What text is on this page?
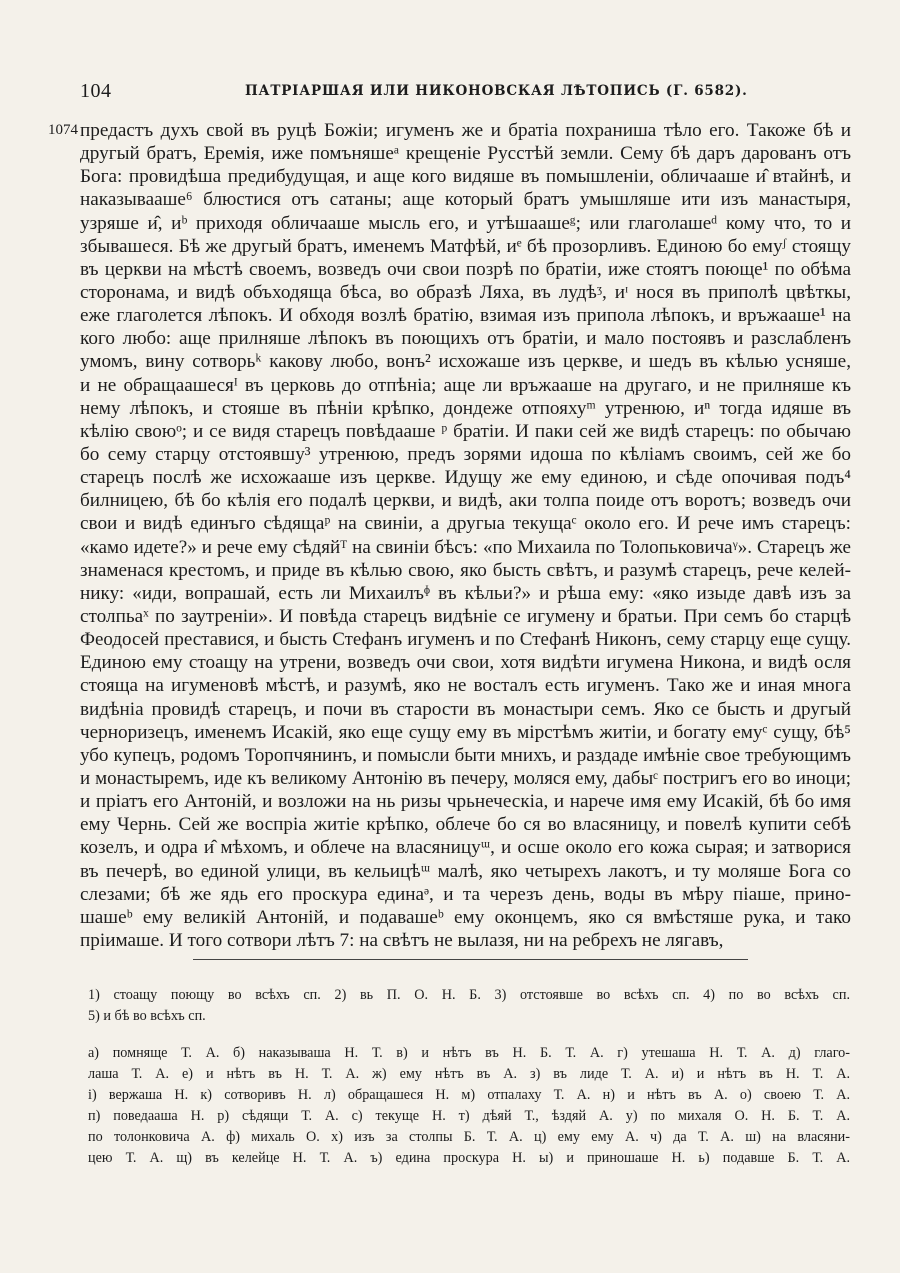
104	ПАТРІАРШАЯ ИЛИ НИКОНОВСКАЯ ЛѢТОПИСЬ (Г. 6582).
1074 предастъ духъ свой въ руцѣ Божіи; игуменъ же и братіа похраниша тѣло его. Такоже бѣ и
другый братъ, Еремія, иже помъняшеᵃ крещеніе Руcстѣй земли. Сему бѣ даръ дарованъ отъ
Бога: провидѣша предибудущая, и аще кого видяше въ помышленіи, обличааше и̂ втайнѣ, и
наказывааше⁶ блюстися отъ сатаны; аще который братъ умышляше ити изъ манастыря,
узряше и̂, иᵇ приходя обличааше мысль его, и утѣшаашеᵍ; или глаголашеᵈ кому что, то и
збывашеся. Бѣ же другый братъ, именемъ Матфѣй, иᵉ бѣ прозорливъ. Единою бо емуᶴ стоящу
въ церкви на мѣстѣ своемъ, возведъ очи свои позрѣ по братіи, иже стоятъ поюще¹ по обѣма
сторонама, и видѣ объходяща бѣса, во образѣ Ляха, въ лудѣᶾ, иᶦ нося въ приполѣ цвѣткы,
еже глаголется лѣпокъ. И обходя возлѣ братію, взимая изъ припола лѣпокъ, и връжааше¹ на
кого любо: аще прилняше лѣпокъ въ поющихъ отъ братіи, и мало постоявъ и разслабленъ
умомъ, вину сотворьᵏ какову любо, вонъ² исхожаше изъ церкве, и шедъ въ кѣлью усняше,
и не обращаашесяᴵ въ церковь до отпѣніа; аще ли връжааше на другаго, и не прилняше къ
нему лѣпокъ, и стояше въ пѣніи крѣпко, дондеже отпояхуᵐ утренюю, иⁿ тогда идяше въ
кѣлію своюᵒ; и се видя старецъ повѣдааше ᵖ братіи. И паки сей же видѣ старецъ: по обычаю
бо сему старцу отстоявшу³ утренюю, предъ зорями идоша по кѣліамъ своимъ, сей же бо
старецъ послѣ же исхожааше изъ церкве. Идущу же ему единою, и сѣде опочивая подъ⁴
билницею, бѣ бо кѣлія его подалѣ церкви, и видѣ, аки толпа поиде отъ воротъ; возведъ очи
свои и видѣ единъго сѣдящаᵖ на свиніи, а другыа текущаᶜ около его. И рече имъ старецъ:
«камо идете?» и рече ему сѣдяйᵀ на свиніи бѣсъ: «по Михаила по Толопьковичаᵞ». Старецъ же
знаменася крестомъ, и приде въ кѣлью свою, яко бысть свѣтъ, и разумѣ старецъ, рече келей-
нику: «иди, вопрашай, есть ли Михаилъᶲ въ кѣльи?» и рѣша ему: «яко изыде давѣ изъ за
столпьаˣ по заутреніи». И повѣда старецъ видѣніе се игумену и братьи. При семъ бо старцѣ
Феодосей преставися, и бысть Стефанъ игуменъ и по Стефанѣ Никонъ, сему старцу еще сущу.
Единою ему стоащу на утрени, возведъ очи свои, хотя видѣти игумена Никона, и видѣ осля
стояща на игуменовѣ мѣстѣ, и разумѣ, яко не восталъ есть игуменъ. Тако же и иная многа
видѣніа провидѣ старецъ, и почи въ старости въ монастыри семъ. Яко се бысть и другый
черноризецъ, именемъ Исакій, яко еще сущу ему въ мірстѣмъ житіи, и богату емуᶜ сущу, бѣ⁵
убо купецъ, родомъ Торопчянинъ, и помысли быти мнихъ, и раздаде имѣніе свое требующимъ
и монастыремъ, иде къ великому Антонію въ печеру, моляся ему, дабыᶜ постригъ его во иноци;
и пріатъ его Антоній, и возложи на нь ризы чрьнеческіа, и нарече имя ему Исакій, бѣ бо имя
ему Чернь. Сей же воспріа житіе крѣпко, облече бо ся во власяницу, и повелѣ купити себѣ
козелъ, и одра и̂ мѣхомъ, и облече на власяницуᵚ, и осше около его кожа сырая; и затворися
въ печерѣ, во единой улици, въ кельицѣᵚ малѣ, яко четырехъ лакотъ, и ту моляше Бога со
слезами; бѣ же ядь его проскура единаᵊ, и та черезъ день, воды въ мѣру піаше, прино-
шашеᵇ ему великій Антоній, и подавашеᵇ ему оконцемъ, яко ся вмѣстяше рука, и тако
пріимаше. И того сотвори лѣтъ 7: на свѣтъ не вылазя, ни на ребрехъ не лягавъ,
1) стоащу поющу во всѣхъ сп. 2) вь П. О. Н. Б. 3) отстоявше во всѣхъ сп. 4) по во всѣхъ сп.
5) и бѣ во всѣхъ сп.
а) помняще Т. А. б) наказываша Н. Т. в) и нѣтъ въ Н. Б. Т. А. г) утешаша Н. Т. А. д) глаго-
лаша Т. А. е) и нѣтъ въ Н. Т. А. ж) ему нѣтъ въ А. з) въ лиде Т. А. и) и нѣтъ въ Н. Т. А.
і) вержаша Н. к) сотворивъ Н. л) обращашеся Н. м) отпалаху Т. А. н) и нѣтъ въ А. о) своею Т. А.
п) поведааша Н. р) сѣдящи Т. А. с) текуще Н. т) дѣяй Т., ѣздяй А. у) по михаля О. Н. Б. Т. А.
по толонковича А. ф) михаль О. х) изъ за столпы Б. Т. А. ц) ему ему А. ч) да Т. А. ш) на власяни-
цею Т. А. щ) въ келейце Н. Т. А. ъ) едина проскура Н. ы) и приношаше Н. ь) подавше Б. Т. А.
